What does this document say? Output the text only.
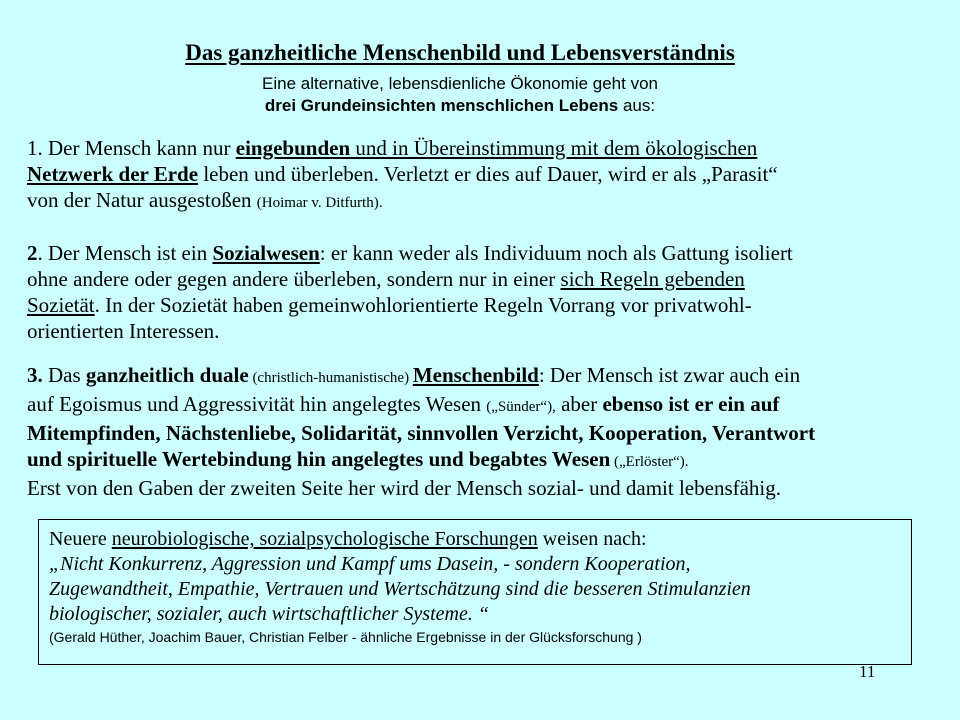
Das ganzheitliche Menschenbild und Lebensverständnis
Eine alternative, lebensdienliche Ökonomie geht von
drei Grundeinsichten menschlichen Lebens aus:
1. Der Mensch kann nur eingebunden und in Übereinstimmung mit dem ökologischen
Netzwerk der Erde leben und überleben. Verletzt er dies auf Dauer, wird er als „Parasit“
von der Natur ausgestoßen (Hoimar v. Ditfurth).
2. Der Mensch ist ein Sozialwesen: er kann weder als Individuum noch als Gattung isoliert
ohne andere oder gegen andere überleben, sondern nur in einer sich Regeln gebenden
Sozietät. In der Sozietät haben gemeinwohlorientierte Regeln Vorrang vor privatwohl-
orientierten Interessen.
3. Das ganzheitlich duale (christlich-humanistische) Menschenbild: Der Mensch ist zwar auch ein
auf Egoismus und Aggressivität hin angelegtes Wesen („Sünder“), aber ebenso ist er ein auf
Mitempfinden, Nächstenliebe, Solidarität, sinnvollen Verzicht, Kooperation, Verantwort
und spirituelle Wertebindung hin angelegtes und begabtes Wesen („Erlöster“).
Erst von den Gaben der zweiten Seite her wird der Mensch sozial- und damit lebensfähig.
Neuere neurobiologische, sozialpsychologische Forschungen weisen nach:
„Nicht Konkurrenz, Aggression und Kampf ums Dasein, - sondern Kooperation,
Zugewandtheit, Empathie, Vertrauen und Wertschätzung sind die besseren Stimulanzien
biologischer, sozialer, auch wirtschaftlicher Systeme. “
(Gerald Hüther, Joachim Bauer, Christian Felber - ähnliche Ergebnisse in der Glücksforschung )
11
